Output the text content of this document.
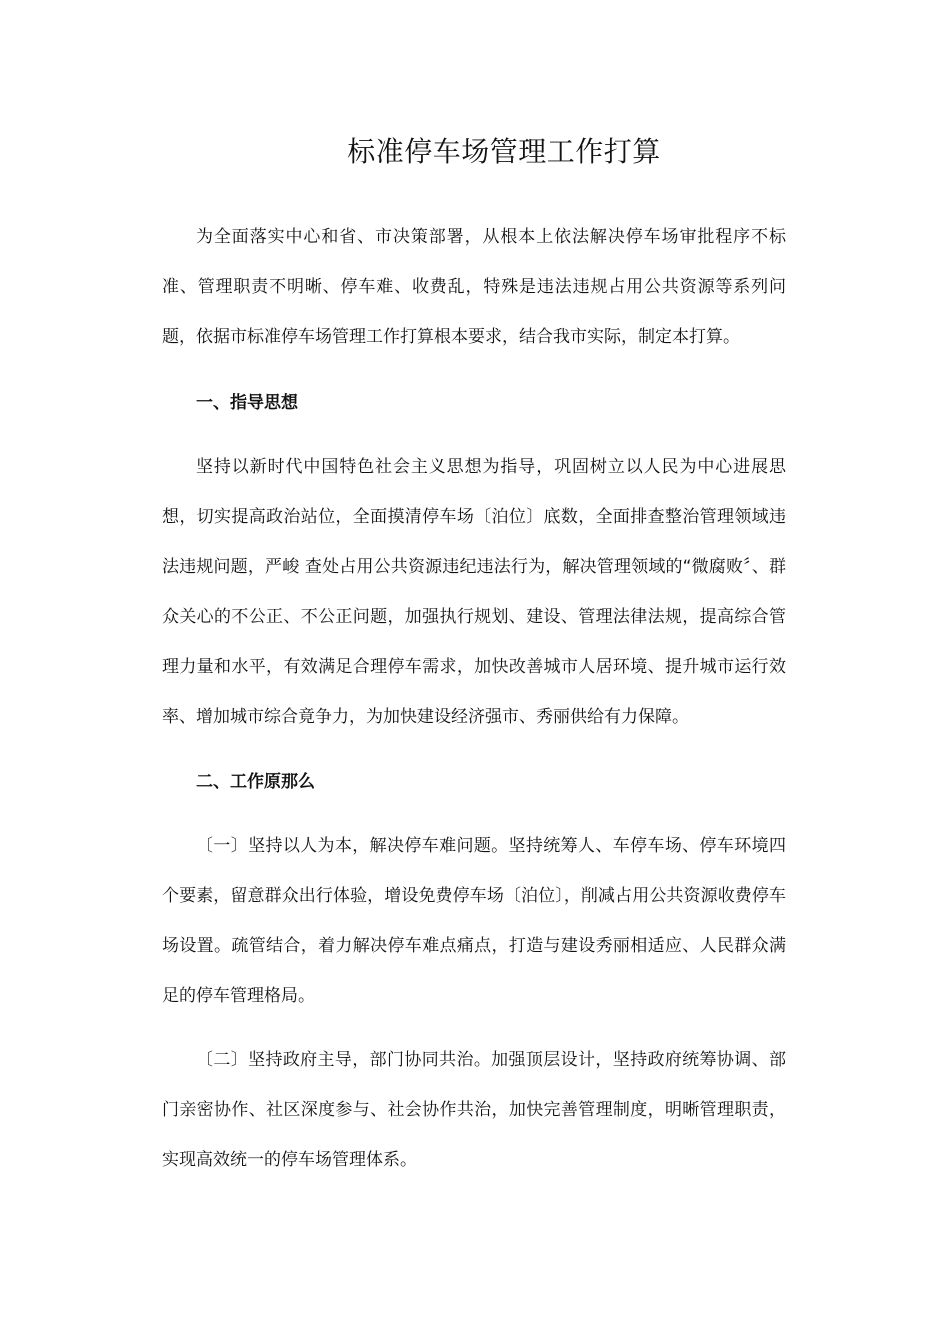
标准停车场管理工作打算

为全面落实中心和省、市决策部署，从根本上依法解决停车场审批程序不标准、管理职责不明晰、停车难、收费乱，特殊是违法违规占用公共资源等系列问题，依据市标准停车场管理工作打算根本要求，结合我市实际，制定本打算。

一、指导思想

坚持以新时代中国特色社会主义思想为指导，巩固树立以人民为中心进展思想，切实提高政治站位，全面摸清停车场〔泊位〕底数，全面排查整治管理领域违法违规问题，严峻 查处占用公共资源违纪违法行为，解决管理领域的“微腐败〞、群众关心的不公正、不公正问题，加强执行规划、建设、管理法律法规，提高综合管理力量和水平，有效满足合理停车需求，加快改善城市人居环境、提升城市运行效率、增加城市综合竟争力，为加快建设经济强市、秀丽供给有力保障。

二、工作原那么

〔一〕坚持以人为本，解决停车难问题。坚持统筹人、车停车场、停车环境四个要素，留意群众出行体验，增设免费停车场〔泊位〕，削减占用公共资源收费停车场设置。疏管结合，着力解决停车难点痛点，打造与建设秀丽相适应、人民群众满足的停车管理格局。

〔二〕坚持政府主导，部门协同共治。加强顶层设计，坚持政府统筹协调、部门亲密协作、社区深度参与、社会协作共治，加快完善管理制度，明晰管理职责，实现高效统一的停车场管理体系。
